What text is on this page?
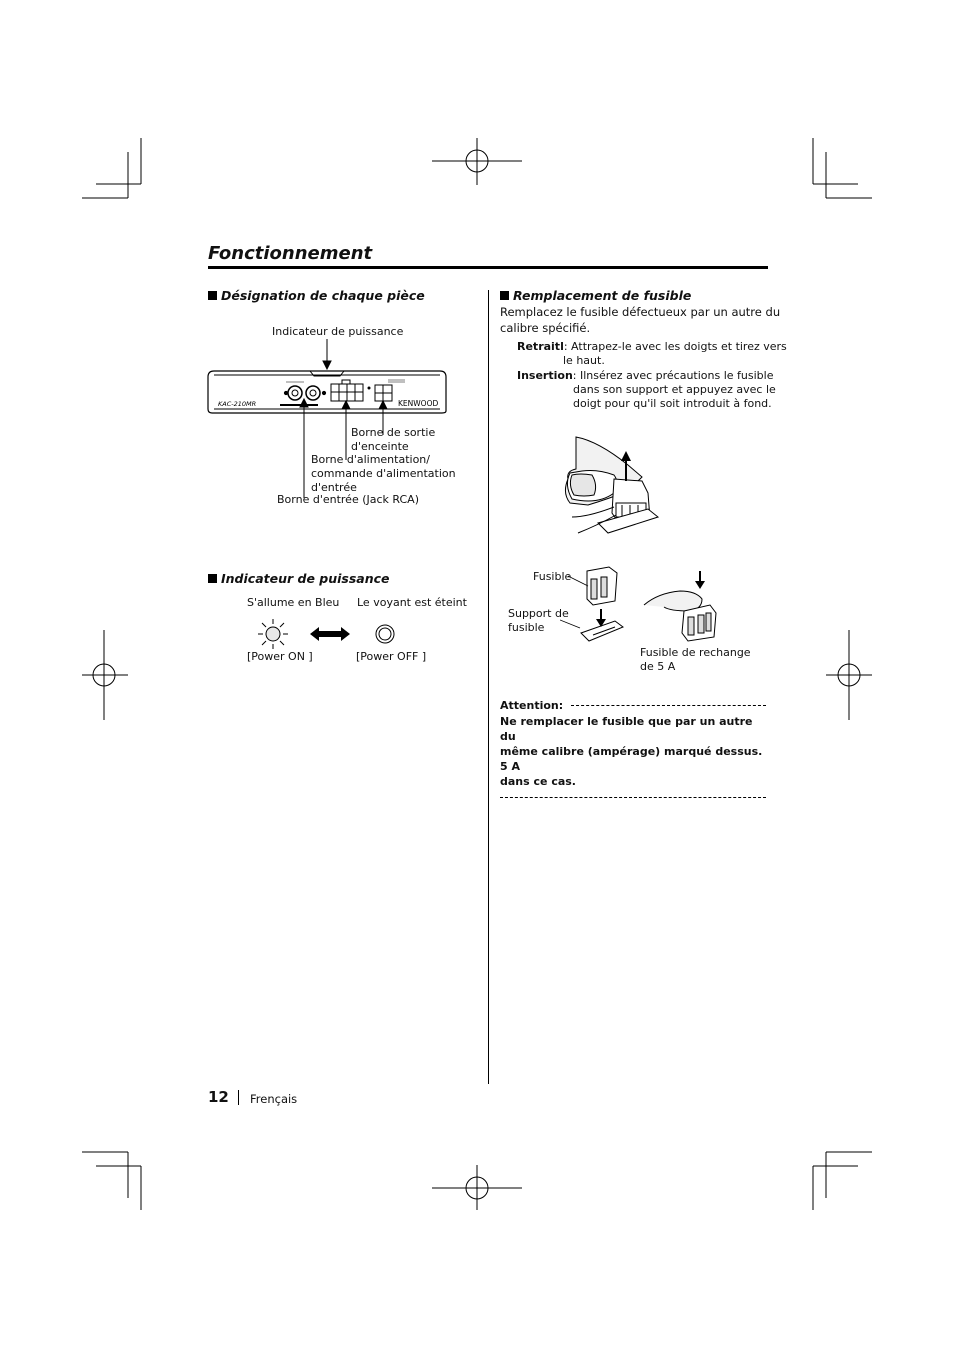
Fonctionnement
Désignation de chaque pièce
Indicateur de puissance
KAC-210MR	KENWOOD
Borne de sortie
d'enceinte
Borne d'alimentation/
commande d'alimentation
d'entrée
Borne d'entrée (Jack RCA)
Indicateur de puissance
S'allume en Bleu Le voyant est éteint
[Power ON ]	[Power OFF ]
Remplacement de fusible
Remplacez le fusible défectueux par un autre du
calibre spécifié.
Retraitl: Attrapez-le avec les doigts et tirez vers
le haut.
Insertion: Ilnsérez avec précautions le fusible
dans son support et appuyez avec le
doigt pour qu'il soit introduit à fond.
Fusible
Support de
fusible
Fusible de rechange
de 5 A
Attention:
Ne remplacer le fusible que par un autre du
même calibre (ampérage) marqué dessus. 5 A
dans ce cas.
12 Frençais
